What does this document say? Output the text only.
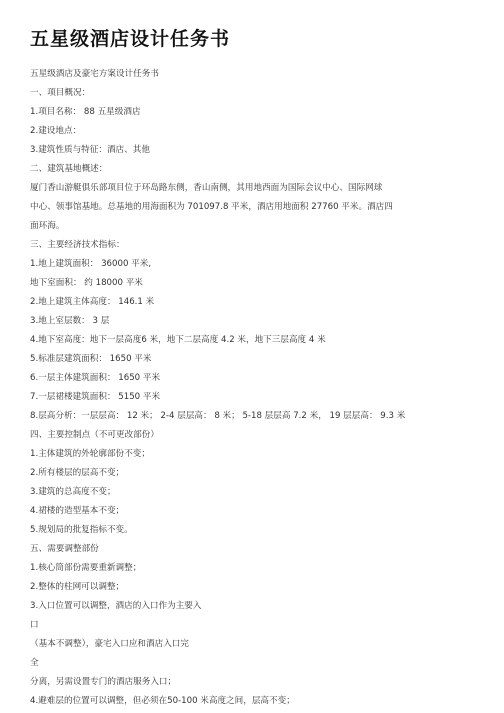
五星级酒店设计任务书
五星级酒店及豪宅方案设计任务书
一、项目概况：
1.项目名称： 88 五星级酒店
2.建设地点：
3.建筑性质与特征：酒店、其他
二、建筑基地概述：
厦门香山游艇俱乐部项目位于环岛路东侧，香山南侧，其用地西面为国际会议中心、国际网球
中心、领事馆基地。总基地的用海面积为 701097.8 平米，酒店用地面积 27760 平米。酒店四
面环海。
三、主要经济技术指标：
1.地上建筑面积： 36000 平米,
地下室面积： 约 18000 平米
2.地上建筑主体高度： 146.1 米
3.地上室层数： 3 层
4.地下室高度：地下一层高度6 米，地下二层高度 4.2 米，地下三层高度 4 米
5.标准层建筑面积： 1650 平米
6.一层主体建筑面积： 1650 平米
7.一层裙楼建筑面积： 5150 平米
8.层高分析：一层层高： 12 米； 2-4 层层高： 8 米； 5-18 层层高 7.2 米， 19 层层高： 9.3 米
四、主要控制点（不可更改部份）
1.主体建筑的外轮廓部份不变；
2.所有楼层的层高不变；
3.建筑的总高度不变；
4.裙楼的造型基本不变；
5.规划局的批复指标不变。
五、需要调整部份
1.核心筒部份需要重新调整；
2.整体的柱网可以调整；
3.入口位置可以调整，酒店的入口作为主要入
口
（基本不调整），豪宅入口应和酒店入口完
全
分离，另需设置专门的酒店服务入口；
4.避难层的位置可以调整，但必须在50-100 米高度之间，层高不变；
